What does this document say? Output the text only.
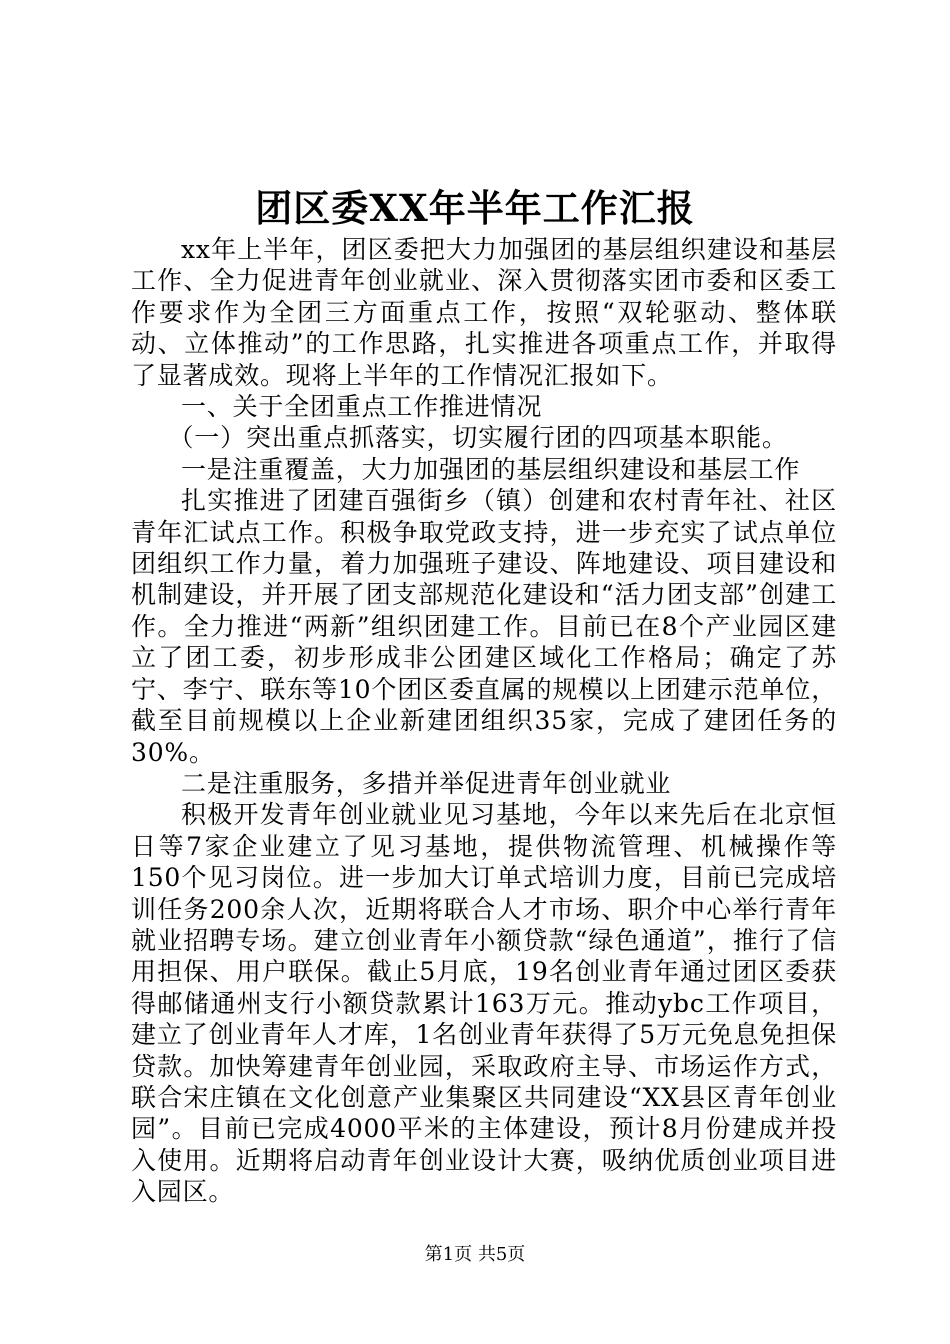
团区委XX年半年工作汇报

xx年上半年，团区委把大力加强团的基层组织建设和基层工作、全力促进青年创业就业、深入贯彻落实团市委和区委工作要求作为全团三方面重点工作，按照“双轮驱动、整体联动、立体推动”的工作思路，扎实推进各项重点工作，并取得了显著成效。现将上半年的工作情况汇报如下。

一、关于全团重点工作推进情况

（一）突出重点抓落实，切实履行团的四项基本职能。

一是注重覆盖，大力加强团的基层组织建设和基层工作

扎实推进了团建百强街乡（镇）创建和农村青年社、社区青年汇试点工作。积极争取党政支持，进一步充实了试点单位团组织工作力量，着力加强班子建设、阵地建设、项目建设和机制建设，并开展了团支部规范化建设和“活力团支部”创建工作。全力推进“两新”组织团建工作。目前已在8个产业园区建立了团工委，初步形成非公团建区域化工作格局；确定了苏宁、李宁、联东等10个团区委直属的规模以上团建示范单位，截至目前规模以上企业新建团组织35家，完成了建团任务的30%。

二是注重服务，多措并举促进青年创业就业

积极开发青年创业就业见习基地，今年以来先后在北京恒日等7家企业建立了见习基地，提供物流管理、机械操作等150个见习岗位。进一步加大订单式培训力度，目前已完成培训任务200余人次，近期将联合人才市场、职介中心举行青年就业招聘专场。建立创业青年小额贷款“绿色通道”，推行了信用担保、用户联保。截止5月底，19名创业青年通过团区委获得邮储通州支行小额贷款累计163万元。推动ybc工作项目，建立了创业青年人才库，1名创业青年获得了5万元免息免担保贷款。加快筹建青年创业园，采取政府主导、市场运作方式，联合宋庄镇在文化创意产业集聚区共同建设“XX县区青年创业园”。目前已完成4000平米的主体建设，预计8月份建成并投入使用。近期将启动青年创业设计大赛，吸纳优质创业项目进入园区。

第1页 共5页
